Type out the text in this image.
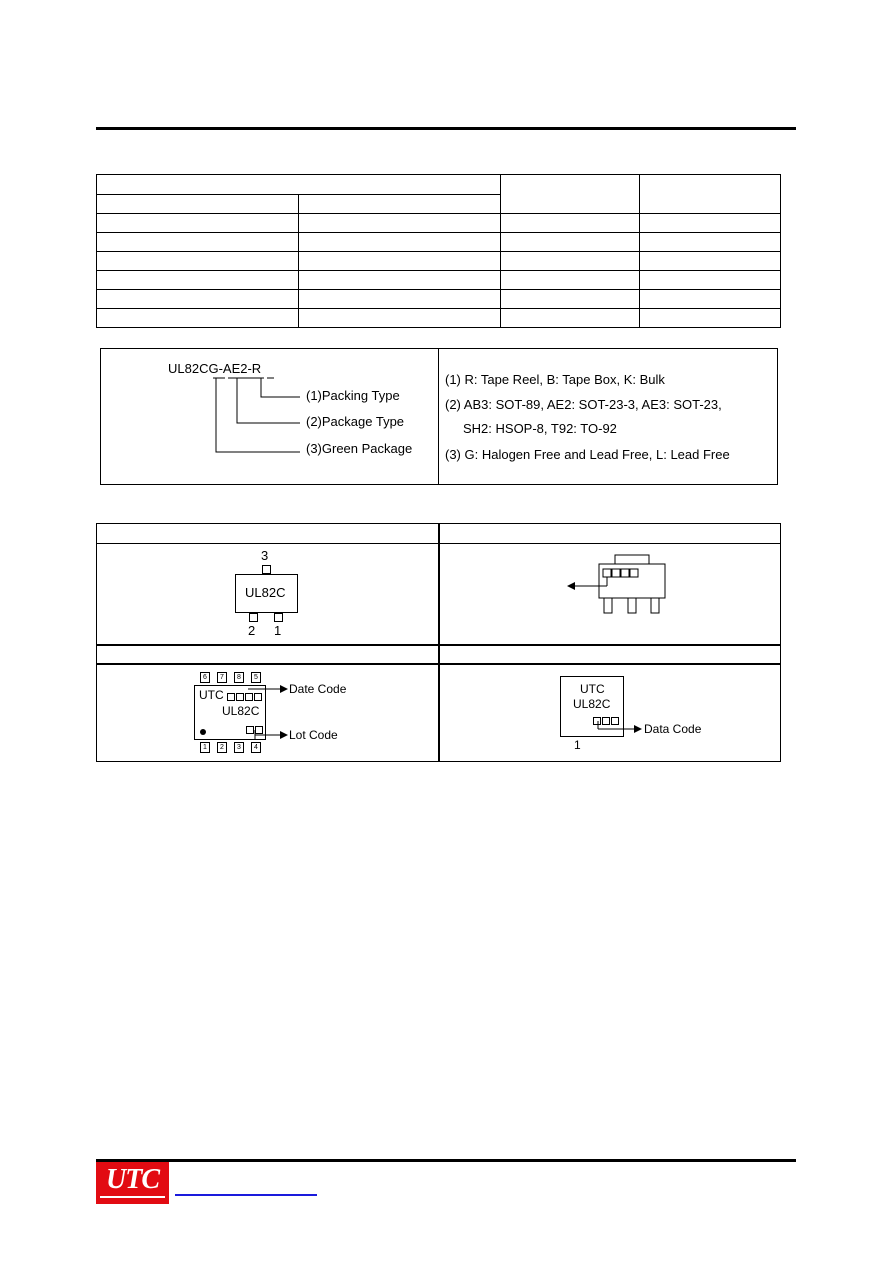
UL82CG-AE2-R
(1)Packing Type
(2)Package Type
(3)Green Package
(1) R: Tape Reel, B: Tape Box, K: Bulk
(2) AB3: SOT-89, AE2: SOT-23-3, AE3: SOT-23,
SH2: HSOP-8, T92: TO-92
(3) G: Halogen Free and Lead Free, L: Lead Free
3
UL82C
2 1
6	7	8	5
UTC
UL82C
1	2	3	4
Date Code
Lot Code
UTC
UL82C
Data Code
1
UTC
